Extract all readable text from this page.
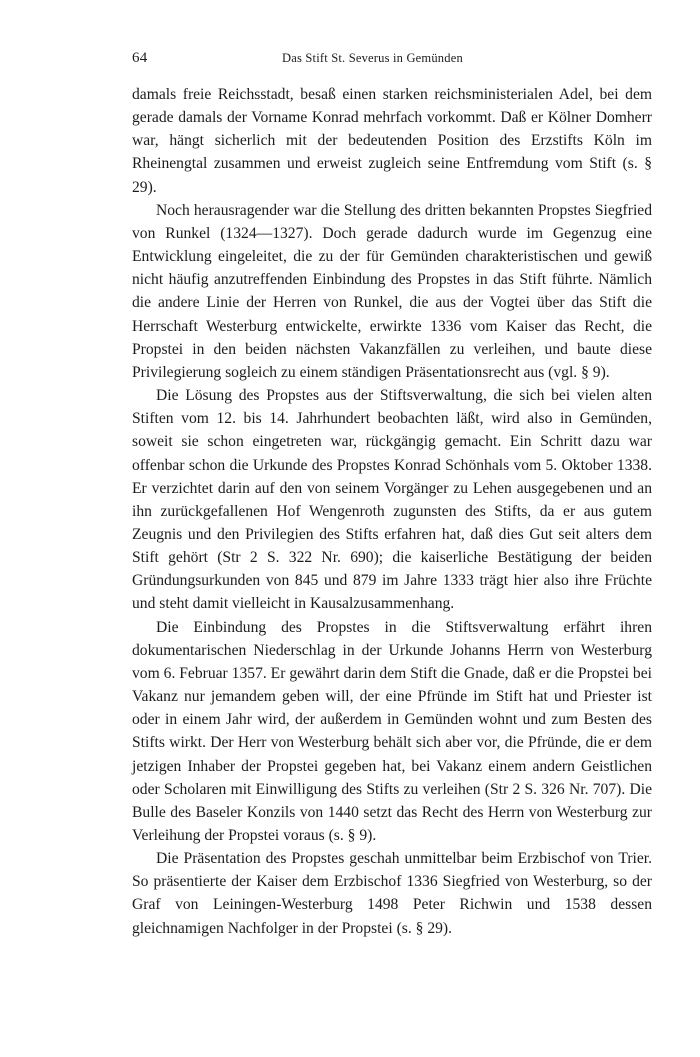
64	Das Stift St. Severus in Gemünden

damals freie Reichsstadt, besaß einen starken reichsministerialen Adel, bei dem gerade damals der Vorname Konrad mehrfach vorkommt. Daß er Kölner Domherr war, hängt sicherlich mit der bedeutenden Position des Erzstifts Köln im Rheinengtal zusammen und erweist zugleich seine Entfremdung vom Stift (s. § 29).

Noch herausragender war die Stellung des dritten bekannten Propstes Siegfried von Runkel (1324—1327). Doch gerade dadurch wurde im Gegenzug eine Entwicklung eingeleitet, die zu der für Gemünden charakteristischen und gewiß nicht häufig anzutreffenden Einbindung des Propstes in das Stift führte. Nämlich die andere Linie der Herren von Runkel, die aus der Vogtei über das Stift die Herrschaft Westerburg entwickelte, erwirkte 1336 vom Kaiser das Recht, die Propstei in den beiden nächsten Vakanzfällen zu verleihen, und baute diese Privilegierung sogleich zu einem ständigen Präsentationsrecht aus (vgl. § 9).

Die Lösung des Propstes aus der Stiftsverwaltung, die sich bei vielen alten Stiften vom 12. bis 14. Jahrhundert beobachten läßt, wird also in Gemünden, soweit sie schon eingetreten war, rückgängig gemacht. Ein Schritt dazu war offenbar schon die Urkunde des Propstes Konrad Schönhals vom 5. Oktober 1338. Er verzichtet darin auf den von seinem Vorgänger zu Lehen ausgegebenen und an ihn zurückgefallenen Hof Wengenroth zugunsten des Stifts, da er aus gutem Zeugnis und den Privilegien des Stifts erfahren hat, daß dies Gut seit alters dem Stift gehört (Str 2 S. 322 Nr. 690); die kaiserliche Bestätigung der beiden Gründungsurkunden von 845 und 879 im Jahre 1333 trägt hier also ihre Früchte und steht damit vielleicht in Kausalzusammenhang.

Die Einbindung des Propstes in die Stiftsverwaltung erfährt ihren dokumentarischen Niederschlag in der Urkunde Johanns Herrn von Westerburg vom 6. Februar 1357. Er gewährt darin dem Stift die Gnade, daß er die Propstei bei Vakanz nur jemandem geben will, der eine Pfründe im Stift hat und Priester ist oder in einem Jahr wird, der außerdem in Gemünden wohnt und zum Besten des Stifts wirkt. Der Herr von Westerburg behält sich aber vor, die Pfründe, die er dem jetzigen Inhaber der Propstei gegeben hat, bei Vakanz einem andern Geistlichen oder Scholaren mit Einwilligung des Stifts zu verleihen (Str 2 S. 326 Nr. 707). Die Bulle des Baseler Konzils von 1440 setzt das Recht des Herrn von Westerburg zur Verleihung der Propstei voraus (s. § 9).

Die Präsentation des Propstes geschah unmittelbar beim Erzbischof von Trier. So präsentierte der Kaiser dem Erzbischof 1336 Siegfried von Westerburg, so der Graf von Leiningen-Westerburg 1498 Peter Richwin und 1538 dessen gleichnamigen Nachfolger in der Propstei (s. § 29).
